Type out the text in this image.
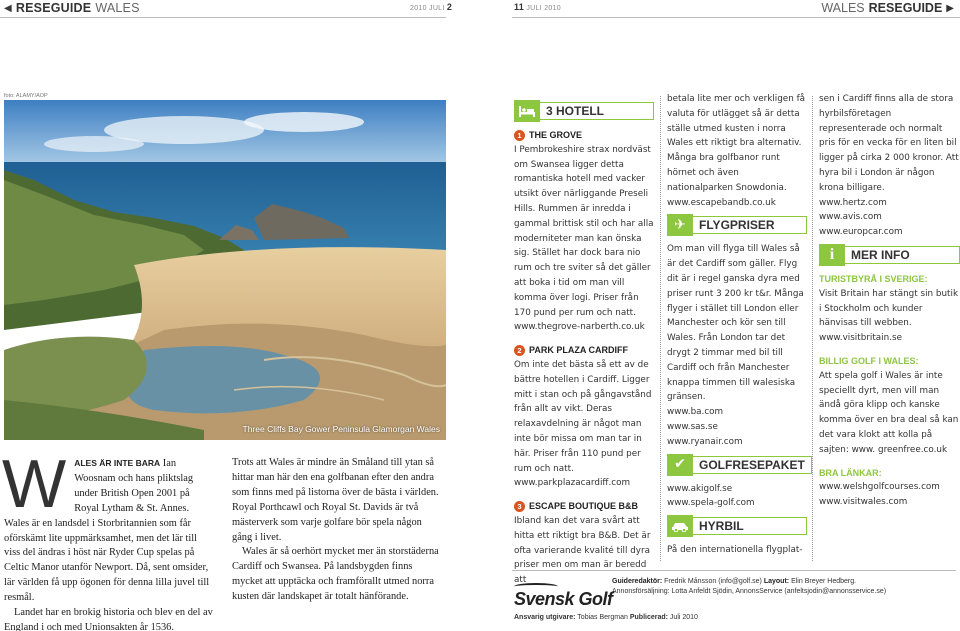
◀ RESEGUIDE WALES	2010 JULI 2	11 JULI 2010	WALES RESEGUIDE ▶
foto: ALAMY/AOP
Three Cliffs Bay Gower Peninsula Glamorgan Wales

WALES ÄR INTE BARA Ian Woosnam och hans pliktslag under British Open 2001 på Royal Lytham & St. Annes. Wales är en landsdel i Storbritannien som får oförskämt lite uppmärksamhet, men det lär till viss del ändras i höst när Ryder Cup spelas på Celtic Manor utanför Newport. Då, sent omsider, lär världen få upp ögonen för denna lilla juvel till resmål.

Landet har en brokig historia och blev en del av England i och med Unionsakten år 1536.

Trots att Wales är mindre än Småland till ytan så hittar man här den ena golfbanan efter den andra som finns med på listorna över de bästa i världen. Royal Porthcawl och Royal St. Davids är två mästerverk som varje golfare bör spela någon gång i livet.

Wales är så oerhört mycket mer än storstäderna Cardiff och Swansea. På landsbygden finns mycket att upptäcka och framförallt utmed norra kusten där landskapet är totalt hänförande.

3 HOTELL
1 THE GROVE
I Pembrokeshire strax nordväst om Swansea ligger detta romantiska hotell med vacker utsikt över närliggande Preseli Hills. Rummen är inredda i gammal brittisk stil och har alla moderniteter man kan önska sig. Stället har dock bara nio rum och tre sviter så det gäller att boka i tid om man vill komma över logi. Priser från 170 pund per rum och natt.
www.thegrove-narberth.co.uk
2 PARK PLAZA CARDIFF
Om inte det bästa så ett av de bättre hotellen i Cardiff. Ligger mitt i stan och på gångavstånd från allt av vikt. Deras relaxavdelning är något man inte bör missa om man tar in här. Priser från 110 pund per rum och natt.
www.parkplazacardiff.com
3 ESCAPE BOUTIQUE B&B
Ibland kan det vara svårt att hitta ett riktigt bra B&B. Det är ofta varierande kvalité till dyra priser men om man är beredd att
betala lite mer och verkligen få valuta för utlägget så är detta ställe utmed kusten i norra Wales ett riktigt bra alternativ. Många bra golfbanor runt hörnet och även nationalparken Snowdonia.
www.escapebandb.co.uk
✈	FLYGPRISER
Om man vill flyga till Wales så är det Cardiff som gäller. Flyg dit är i regel ganska dyra med priser runt 3 200 kr t&r. Många flyger i stället till London eller Manchester och kör sen till Wales. Från London tar det drygt 2 timmar med bil till Cardiff och från Manchester knappa timmen till walesiska gränsen.
www.ba.com
www.sas.se
www.ryanair.com
✔	GOLFRESEPAKET
www.akigolf.se
www.spela-golf.com
HYRBIL
På den internationella flygplat-
sen i Cardiff finns alla de stora hyrbilsföretagen representerade och normalt pris för en vecka för en liten bil ligger på cirka 2 000 kronor. Att hyra bil i London är någon krona billigare.
www.hertz.com
www.avis.com
www.europcar.com
i	MER INFO
TURISTBYRÅ I SVERIGE:
Visit Britain har stängt sin butik i Stockholm och kunder hänvisas till webben.
www.visitbritain.se
BILLIG GOLF I WALES:
Att spela golf i Wales är inte speciellt dyrt, men vill man ändå göra klipp och kanske komma över en bra deal så kan det vara klokt att kolla på sajten: www. greenfree.co.uk
BRA LÄNKAR:
www.welshgolfcourses.com
www.visitwales.com
Svensk Golf
Guideredaktör: Fredrik Månsson (info@golf.se) Layout: Elin Breyer Hedberg.
Annonsförsäljning: Lotta Anfeldt Sjödin, AnnonsService (anfeltsjodin@annonsservice.se)
Ansvarig utgivare: Tobias Bergman Publicerad: Juli 2010
